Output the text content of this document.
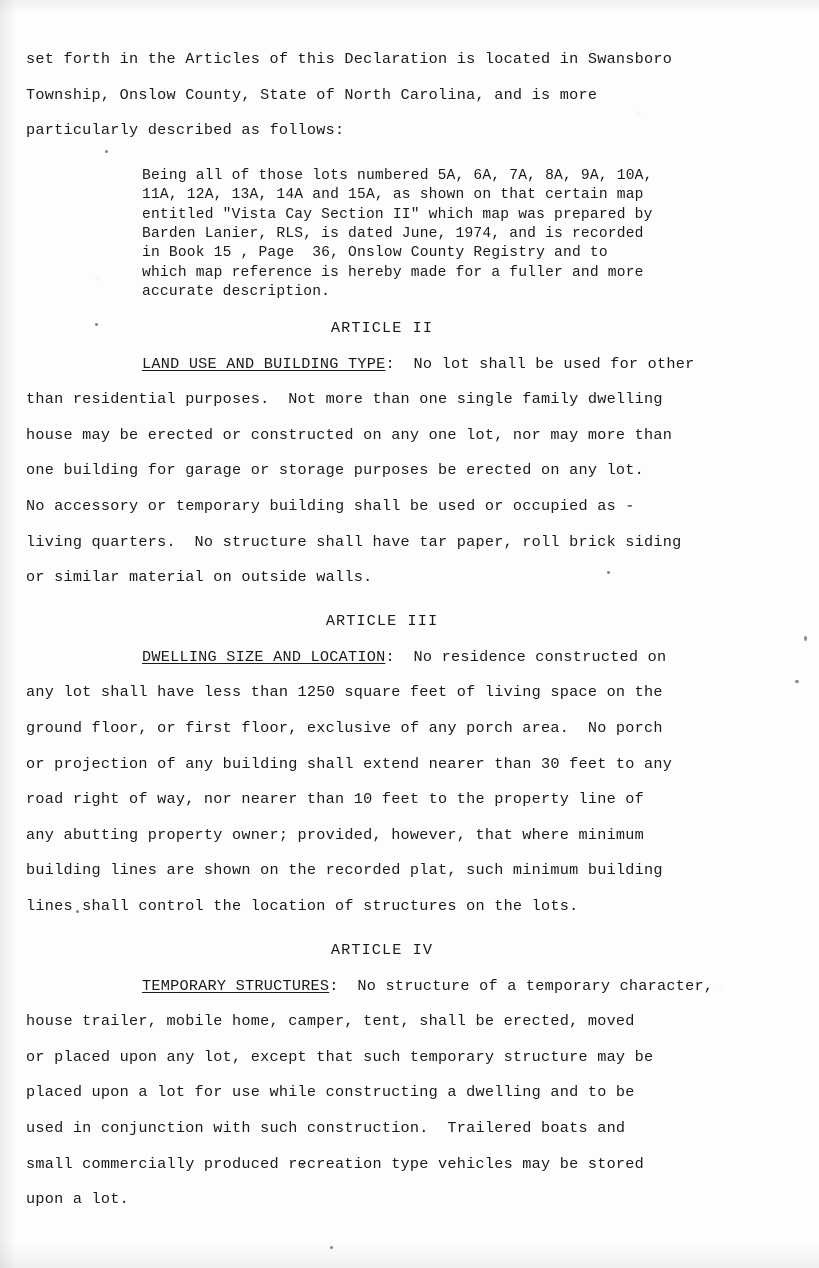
set forth in the Articles of this Declaration is located in Swansboro
Township, Onslow County, State of North Carolina, and is more
particularly described as follows:
Being all of those lots numbered 5A, 6A, 7A, 8A, 9A, 10A,
11A, 12A, 13A, 14A and 15A, as shown on that certain map
entitled "Vista Cay Section II" which map was prepared by
Barden Lanier, RLS, is dated June, 1974, and is recorded
in Book 15 , Page  36, Onslow County Registry and to
which map reference is hereby made for a fuller and more
accurate description.
ARTICLE II
LAND USE AND BUILDING TYPE:  No lot shall be used for other
than residential purposes.  Not more than one single family dwelling
house may be erected or constructed on any one lot, nor may more than
one building for garage or storage purposes be erected on any lot.
No accessory or temporary building shall be used or occupied as -
living quarters.  No structure shall have tar paper, roll brick siding
or similar material on outside walls.
ARTICLE III
DWELLING SIZE AND LOCATION:  No residence constructed on
any lot shall have less than 1250 square feet of living space on the
ground floor, or first floor, exclusive of any porch area.  No porch
or projection of any building shall extend nearer than 30 feet to any
road right of way, nor nearer than 10 feet to the property line of
any abutting property owner; provided, however, that where minimum
building lines are shown on the recorded plat, such minimum building
lines shall control the location of structures on the lots.
ARTICLE IV
TEMPORARY STRUCTURES:  No structure of a temporary character,
house trailer, mobile home, camper, tent, shall be erected, moved
or placed upon any lot, except that such temporary structure may be
placed upon a lot for use while constructing a dwelling and to be
used in conjunction with such construction.  Trailered boats and
small commercially produced recreation type vehicles may be stored
upon a lot.
